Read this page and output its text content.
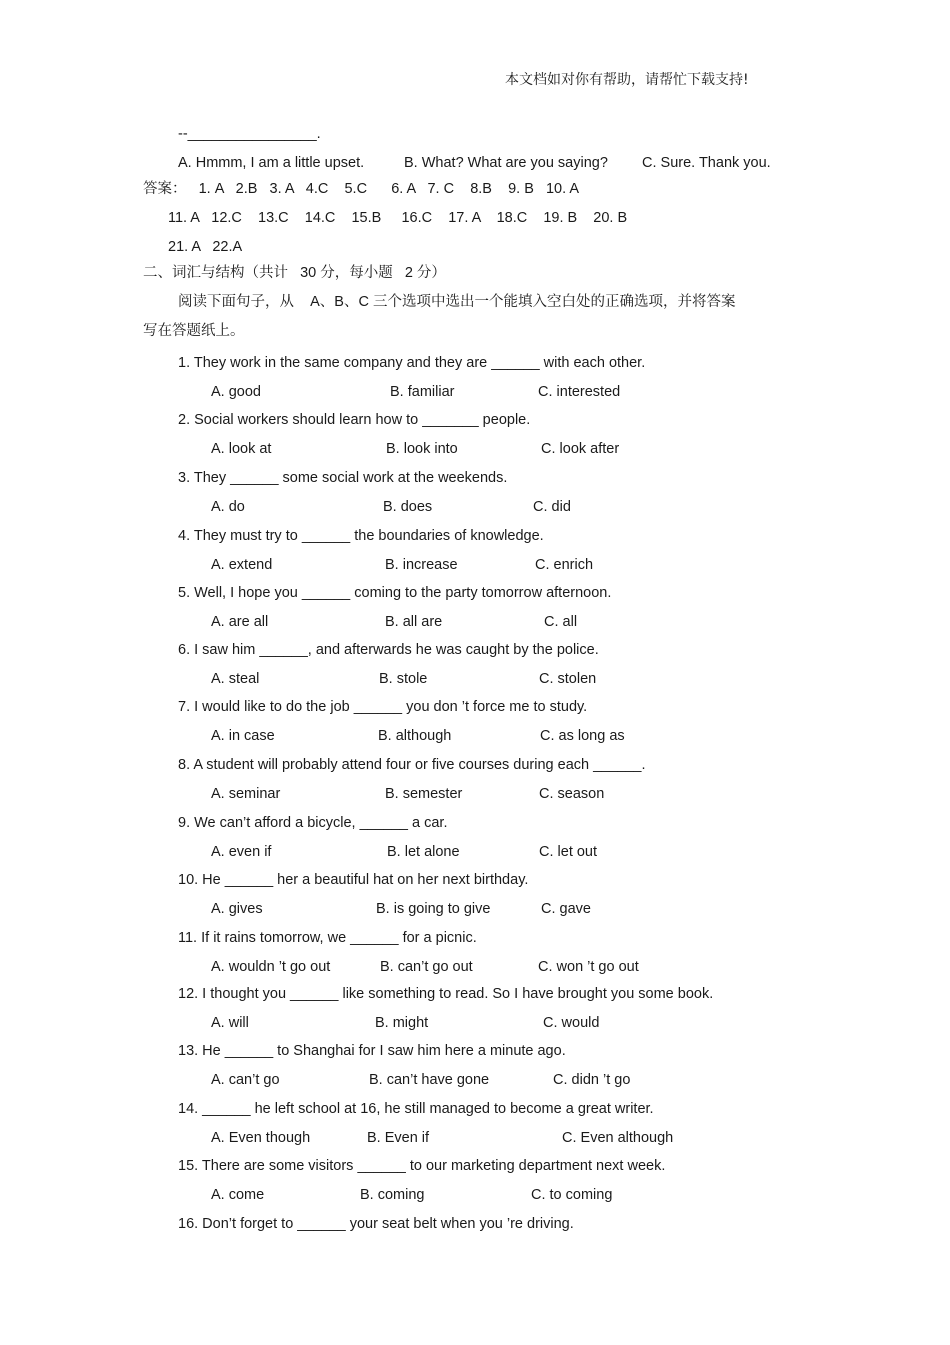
本文档如对你有帮助，请帮忙下载支持!
--________________.
A. Hmmm, I am a little upset.	B. What? What are you saying? C. Sure. Thank you.
答案：   1. A   2.B   3. A   4.C    5.C      6. A   7. C    8.B    9. B   10. A
11. A   12.C    13.C    14.C    15.B     16.C    17. A    18.C    19. B    20. B
21. A   22.A
二、词汇与结构（共计   30 分，每小题   2 分）
阅读下面句子，从    A、B、C 三个选项中选出一个能填入空白处的正确选项，并将答案
写在答题纸上。
1. They work in the same company and they are ______ with each other.
A. good	B. familiar	C. interested
2. Social workers should learn how to _______ people.
A. look at	B. look into	C. look after
3. They ______ some social work at the weekends.
A. do	B. does	C. did
4. They must try to ______ the boundaries of knowledge.
A. extend	B. increase	C. enrich
5. Well, I hope you ______ coming to the party tomorrow afternoon.
A. are all	B. all are	C. all
6. I saw him ______, and afterwards he was caught by the police.
A. steal	B. stole	C. stolen
7. I would like to do the job ______ you don ’t force me to study.
A. in case	B. although	C. as long as
8. A student will probably attend four or five courses during each ______.
A. seminar	B. semester	C. season
9. We can’t afford a bicycle, ______ a car.
A. even if	B. let alone	C. let out
10. He ______ her a beautiful hat on her next birthday.
A. gives	B. is going to give	C. gave
11. If it rains tomorrow, we ______ for a picnic.
A. wouldn ’t go out	B. can’t go out	C. won ’t go out
12. I thought you ______ like something to read. So I have brought you some book.
A. will	B. might	C. would
13. He ______ to Shanghai for I saw him here a minute ago.
A. can’t go	B. can’t have gone	C. didn ’t go
14. ______ he left school at 16, he still managed to become a great writer.
A. Even though	B. Even if	C. Even although
15. There are some visitors ______ to our marketing department next week.
A. come	B. coming	C. to coming
16. Don’t forget to ______ your seat belt when you ’re driving.
